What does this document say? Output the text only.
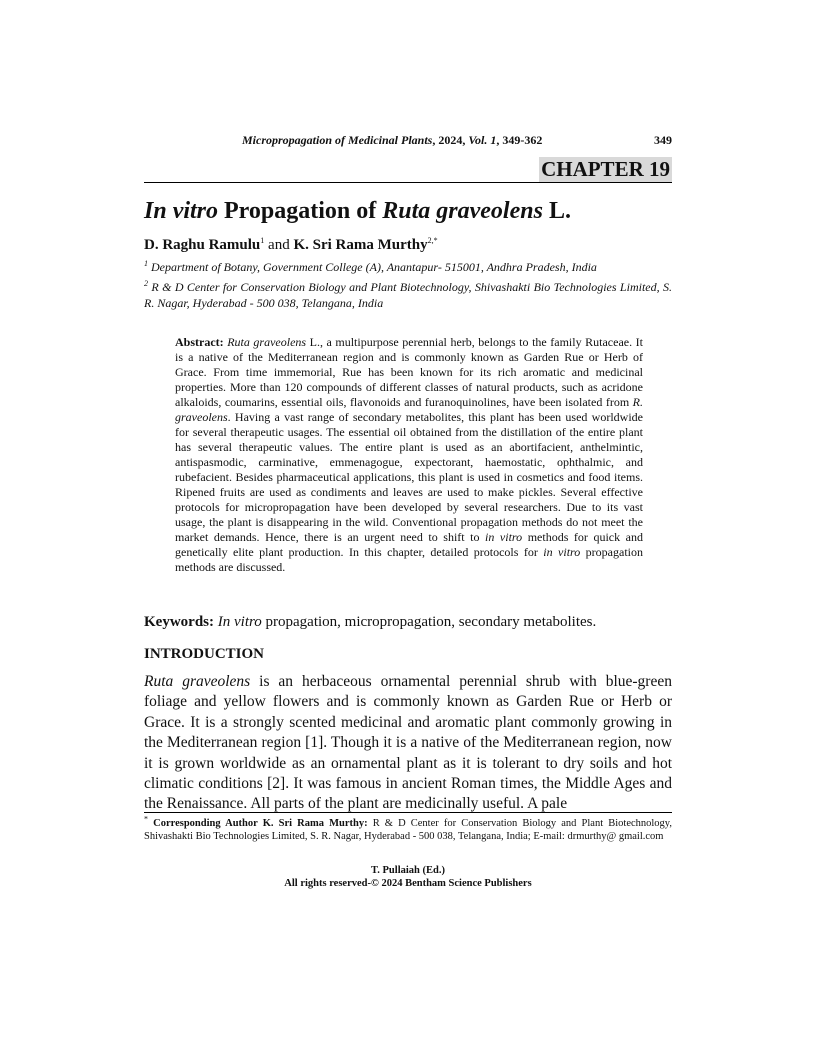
Micropropagation of Medicinal Plants, 2024, Vol. 1, 349-362	349
CHAPTER 19
In vitro Propagation of Ruta graveolens L.
D. Raghu Ramulu$^1$ and K. Sri Rama Murthy$^{2,*}$
$^1$ Department of Botany, Government College (A), Anantapur- 515001, Andhra Pradesh, India
$^2$ R & D Center for Conservation Biology and Plant Biotechnology, Shivashakti Bio Technologies Limited, S. R. Nagar, Hyderabad - 500 038, Telangana, India
Abstract: Ruta graveolens L., a multipurpose perennial herb, belongs to the family Rutaceae. It is a native of the Mediterranean region and is commonly known as Garden Rue or Herb of Grace. From time immemorial, Rue has been known for its rich aromatic and medicinal properties. More than 120 compounds of different classes of natural products, such as acridone alkaloids, coumarins, essential oils, flavonoids and furanoquinolines, have been isolated from R. graveolens. Having a vast range of secondary metabolites, this plant has been used worldwide for several therapeutic usages. The essential oil obtained from the distillation of the entire plant has several therapeutic values. The entire plant is used as an abortifacient, anthelmintic, antispasmodic, carminative, emmenagogue, expectorant, haemostatic, ophthalmic, and rubefacient. Besides pharmaceutical applications, this plant is used in cosmetics and food items. Ripened fruits are used as condiments and leaves are used to make pickles. Several effective protocols for micropropagation have been developed by several researchers. Due to its vast usage, the plant is disappearing in the wild. Conventional propagation methods do not meet the market demands. Hence, there is an urgent need to shift to in vitro methods for quick and genetically elite plant production. In this chapter, detailed protocols for in vitro propagation methods are discussed.
Keywords: In vitro propagation, micropropagation, secondary metabolites.
INTRODUCTION
Ruta graveolens is an herbaceous ornamental perennial shrub with blue-green foliage and yellow flowers and is commonly known as Garden Rue or Herb or Grace. It is a strongly scented medicinal and aromatic plant commonly growing in the Mediterranean region [1]. Though it is a native of the Mediterranean region, now it is grown worldwide as an ornamental plant as it is tolerant to dry soils and hot climatic conditions [2]. It was famous in ancient Roman times, the Middle Ages and the Renaissance. All parts of the plant are medicinally useful. A pale
* Corresponding Author K. Sri Rama Murthy: R & D Center for Conservation Biology and Plant Biotechnology, Shivashakti Bio Technologies Limited, S. R. Nagar, Hyderabad - 500 038, Telangana, India; E-mail: drmurthy@ gmail.com
T. Pullaiah (Ed.)
All rights reserved-© 2024 Bentham Science Publishers
